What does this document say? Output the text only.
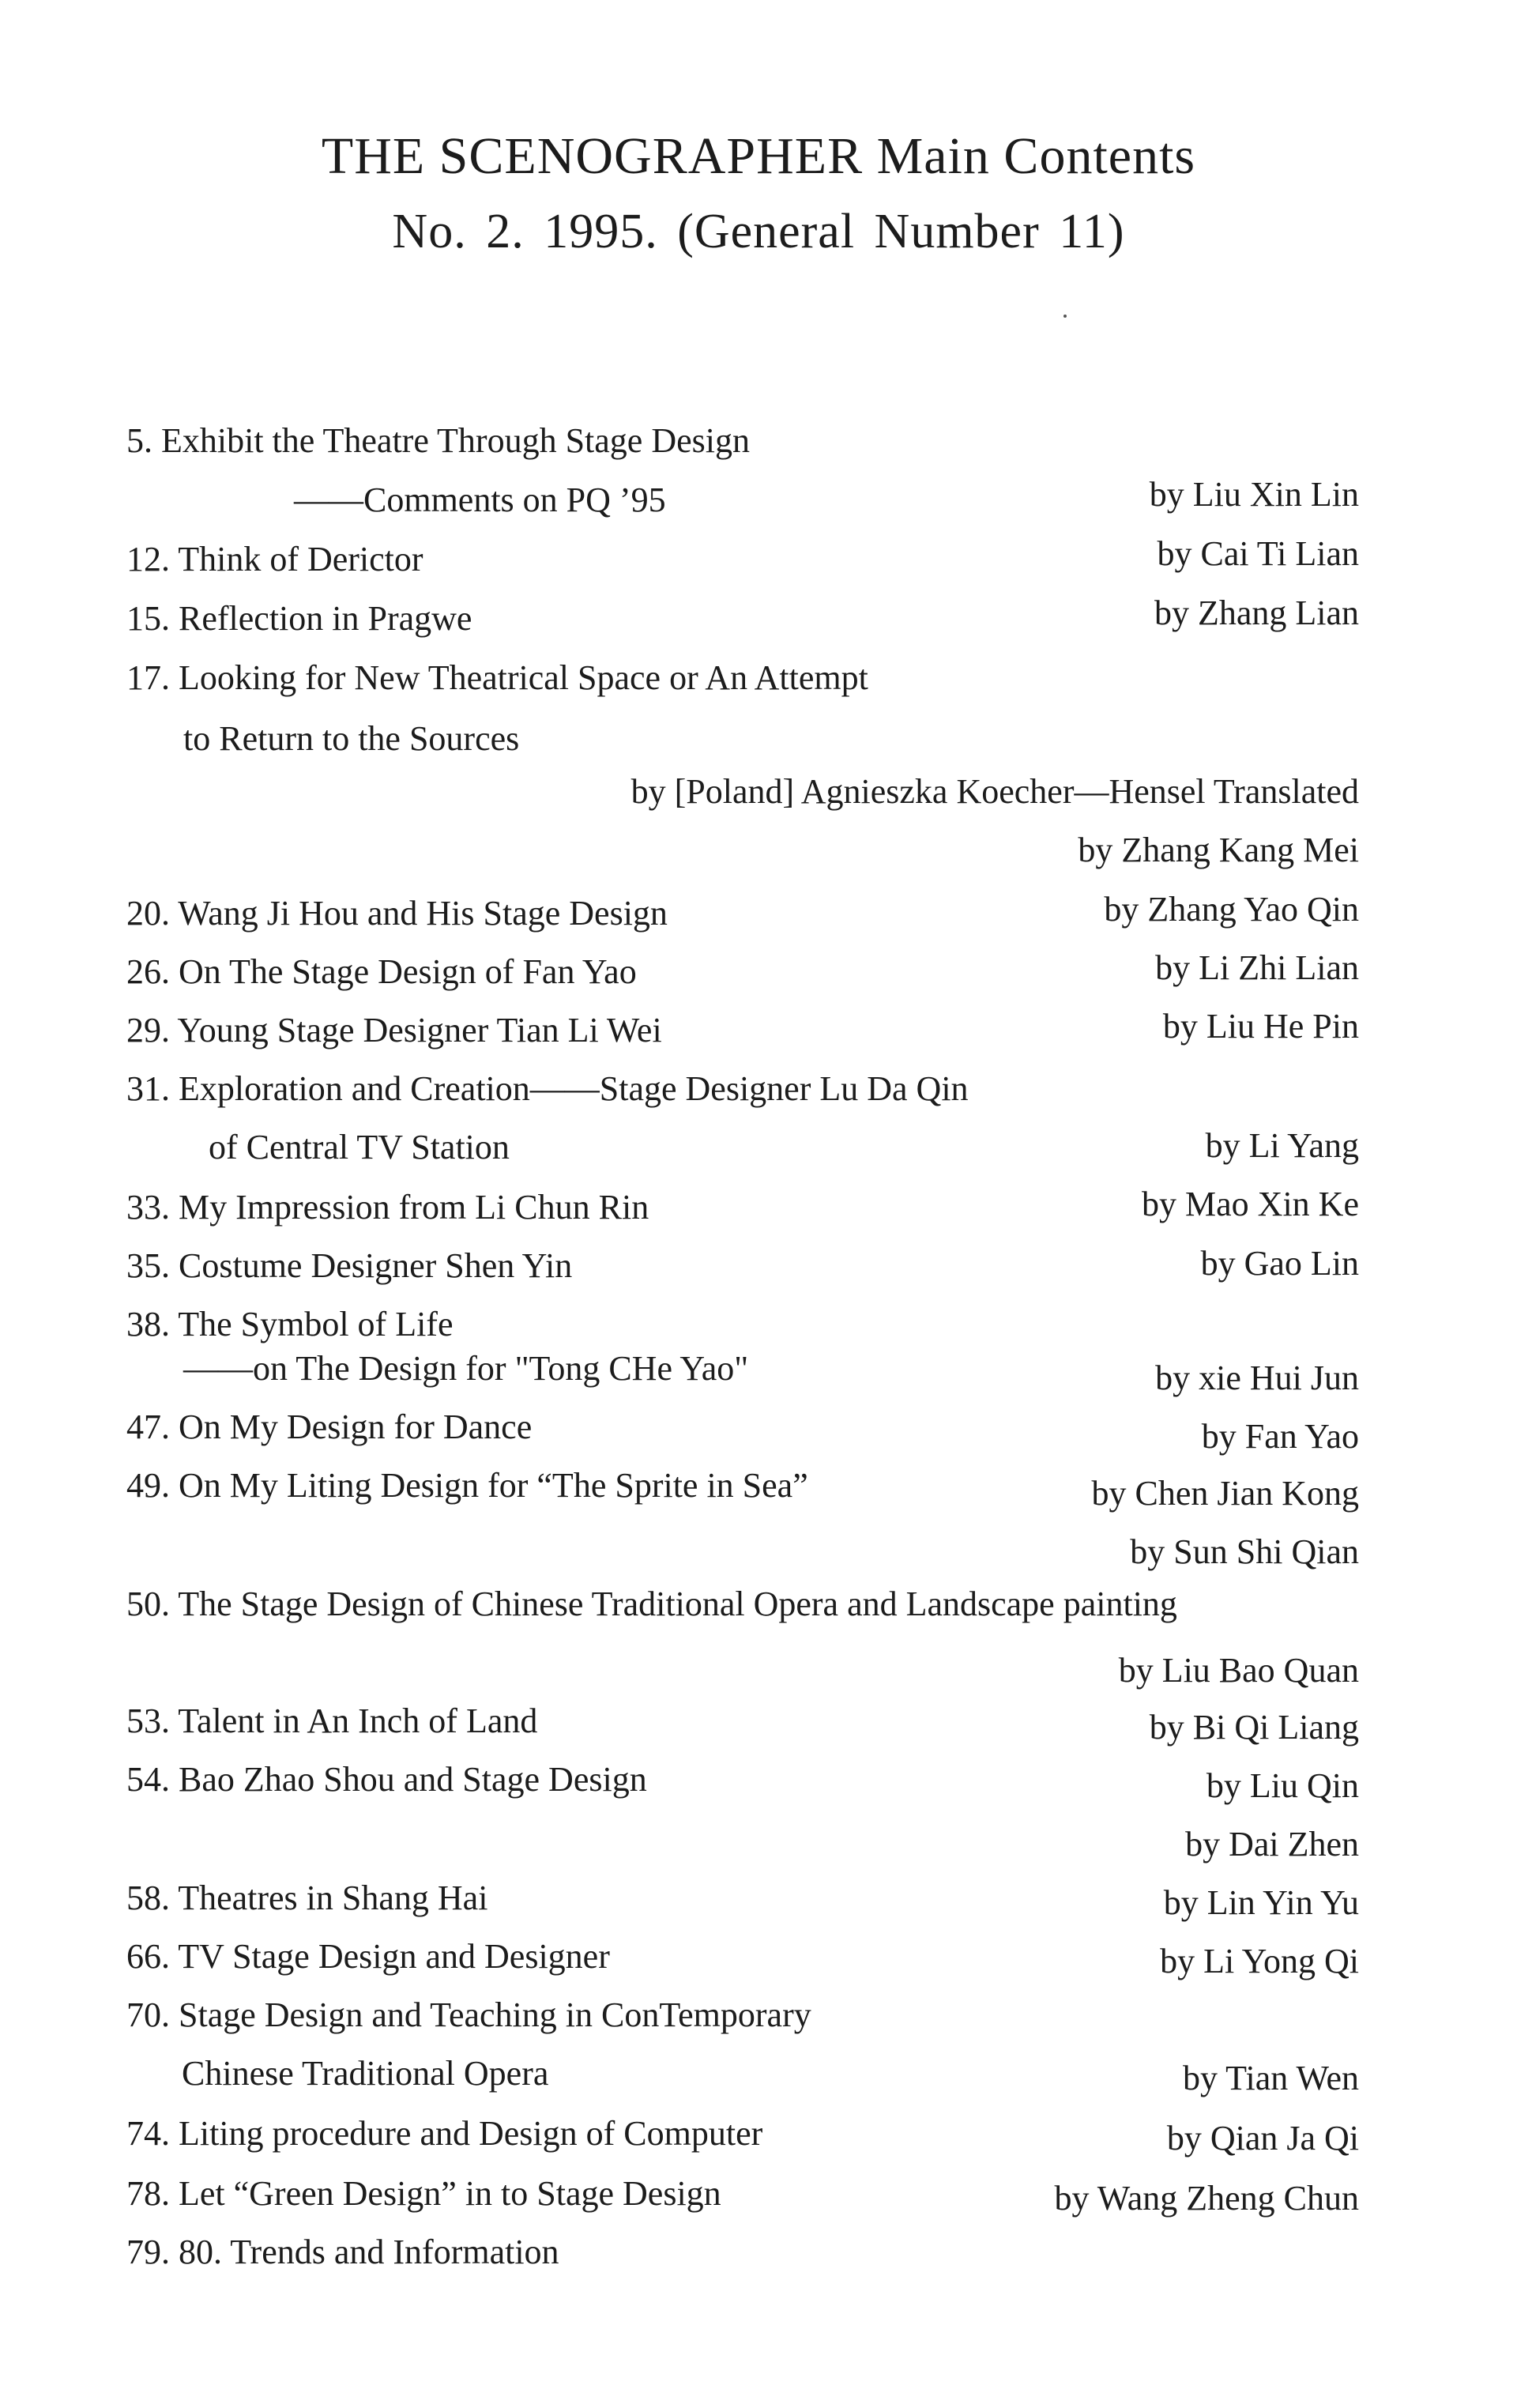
THE SCENOGRAPHER Main Contents
No. 2. 1995. (General Number 11)
5. Exhibit the Theatre Through Stage Design
——Comments on PQ ’95	by Liu Xin Lin
12. Think of Derictor	by Cai Ti Lian
15. Reflection in Pragwe	by Zhang Lian
17. Looking for New Theatrical Space or An Attempt
to Return to the Sources
by [Poland] Agnieszka Koecher—Hensel Translated
by Zhang Kang Mei
20. Wang Ji Hou and His Stage Design	by Zhang Yao Qin
26. On The Stage Design of Fan Yao	by Li Zhi Lian
29. Young Stage Designer Tian Li Wei	by Liu He Pin
31. Exploration and Creation——Stage Designer Lu Da Qin
of Central TV Station	by Li Yang
33. My Impression from Li Chun Rin	by Mao Xin Ke
35. Costume Designer Shen Yin	by Gao Lin
38. The Symbol of Life
——on The Design for "Tong CHe Yao"	by xie Hui Jun
47. On My Design for Dance	by Fan Yao
49. On My Liting Design for “The Sprite in Sea”	by Chen Jian Kong
by Sun Shi Qian
50. The Stage Design of Chinese Traditional Opera and Landscape painting
by Liu Bao Quan
53. Talent in An Inch of Land	by Bi Qi Liang
54. Bao Zhao Shou and Stage Design	by Liu Qin
by Dai Zhen
58. Theatres in Shang Hai	by Lin Yin Yu
66. TV Stage Design and Designer	by Li Yong Qi
70. Stage Design and Teaching in ConTemporary
Chinese Traditional Opera	by Tian Wen
74. Liting procedure and Design of Computer	by Qian Ja Qi
78. Let “Green Design” in to Stage Design	by Wang Zheng Chun
79. 80. Trends and Information
